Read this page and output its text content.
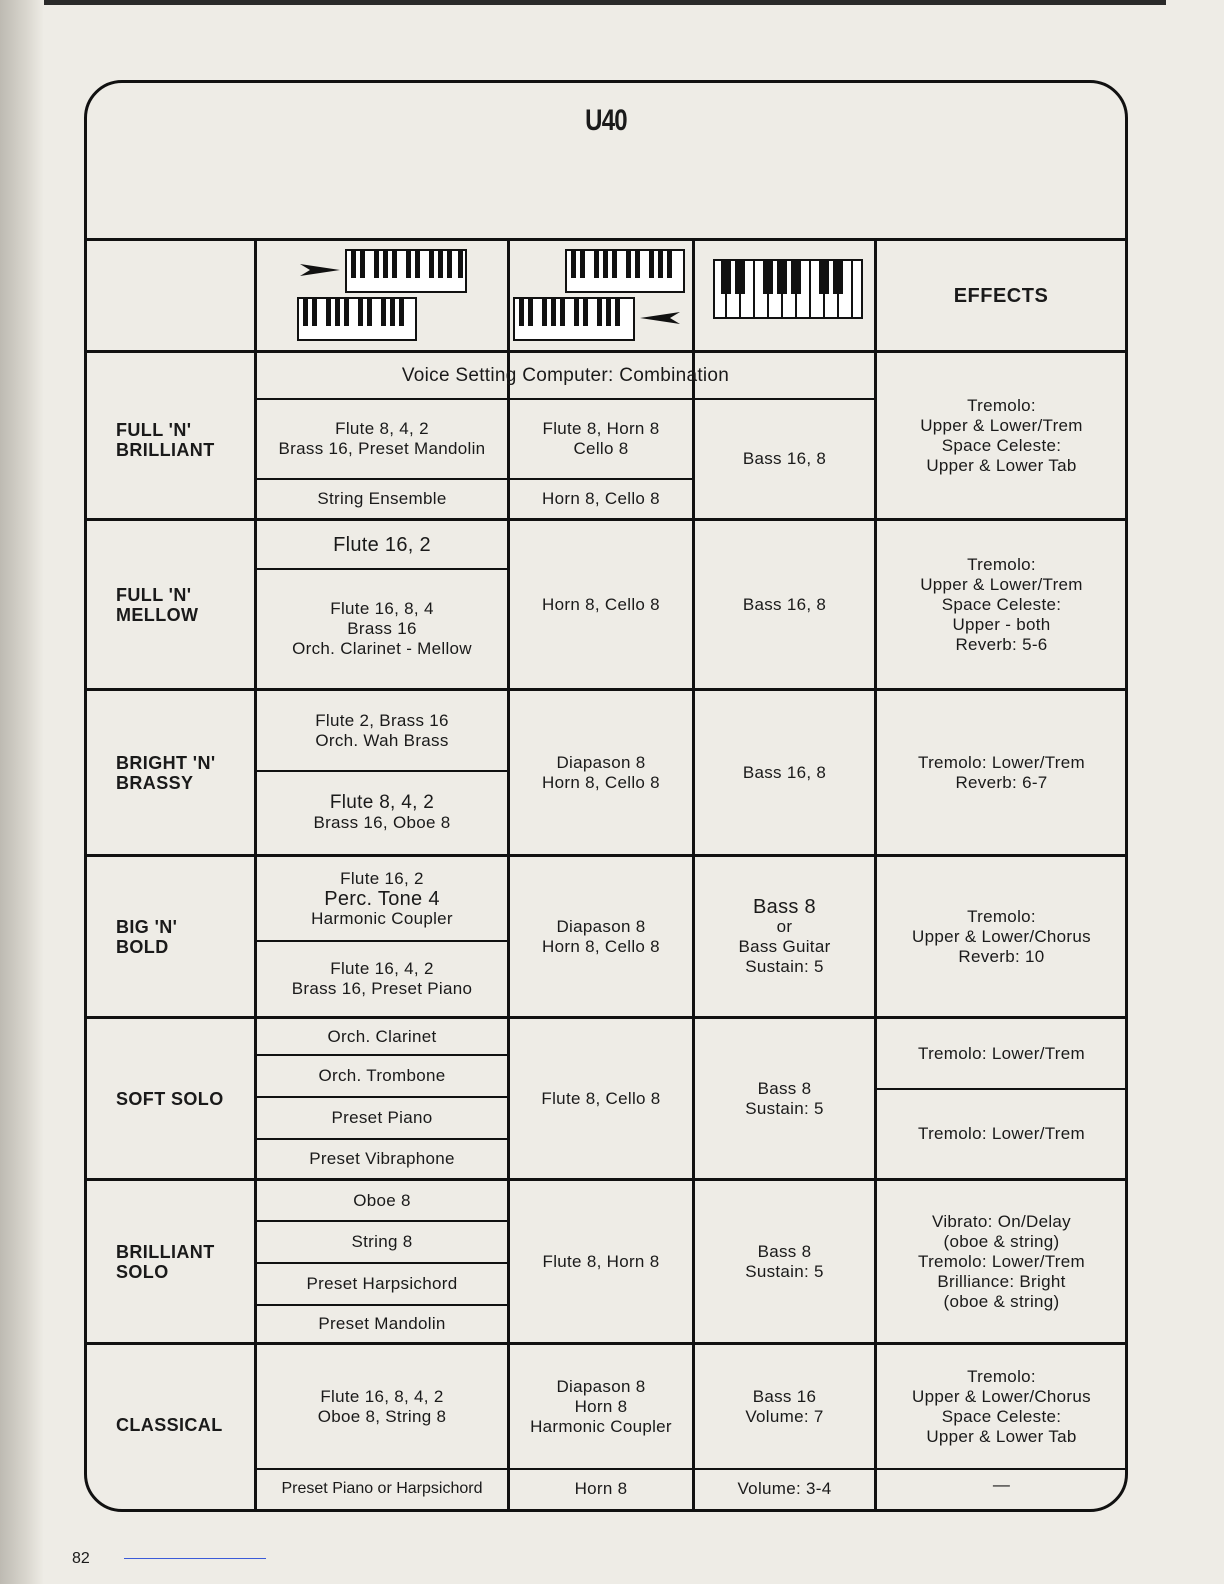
U40
EFFECTS
FULL 'N'
BRILLIANT
Voice Setting Computer: Combination
Flute 8, 4, 2
Brass 16, Preset Mandolin
String Ensemble
Flute 8, Horn 8
Cello 8
Horn 8, Cello 8
Bass 16, 8
Tremolo:
Upper & Lower/Trem
Space Celeste:
Upper & Lower Tab
FULL 'N'
MELLOW
Flute 16, 2
Flute 16, 8, 4
Brass 16
Orch. Clarinet - Mellow
Horn 8, Cello 8	Bass 16, 8
Tremolo:
Upper & Lower/Trem
Space Celeste:
Upper - both
Reverb: 5-6
BRIGHT 'N'
BRASSY
Flute 2, Brass 16
Orch. Wah Brass
Flute 8, 4, 2
Brass 16, Oboe 8
Diapason 8
Horn 8, Cello 8
Bass 16, 8
Tremolo: Lower/Trem
Reverb: 6-7
BIG 'N'
BOLD
Flute 16, 2
Perc. Tone 4
Harmonic Coupler
Flute 16, 4, 2
Brass 16, Preset Piano
Diapason 8
Horn 8, Cello 8
Bass 8
or
Bass Guitar
Sustain: 5
Tremolo:
Upper & Lower/Chorus
Reverb: 10
SOFT SOLO
Orch. Clarinet
Orch. Trombone
Preset Piano
Preset Vibraphone
Flute 8, Cello 8
Bass 8
Sustain: 5
Tremolo: Lower/Trem
Tremolo: Lower/Trem
BRILLIANT
SOLO
Oboe 8
String 8
Preset Harpsichord
Preset Mandolin
Flute 8, Horn 8
Bass 8
Sustain: 5
Vibrato: On/Delay
(oboe & string)
Tremolo: Lower/Trem
Brilliance: Bright
(oboe & string)
CLASSICAL
Flute 16, 8, 4, 2
Oboe 8, String 8
Preset Piano or Harpsichord
Diapason 8
Horn 8
Harmonic Coupler
Horn 8
Bass 16
Volume: 7
Volume: 3-4
Tremolo:
Upper & Lower/Chorus
Space Celeste:
Upper & Lower Tab
—
82
